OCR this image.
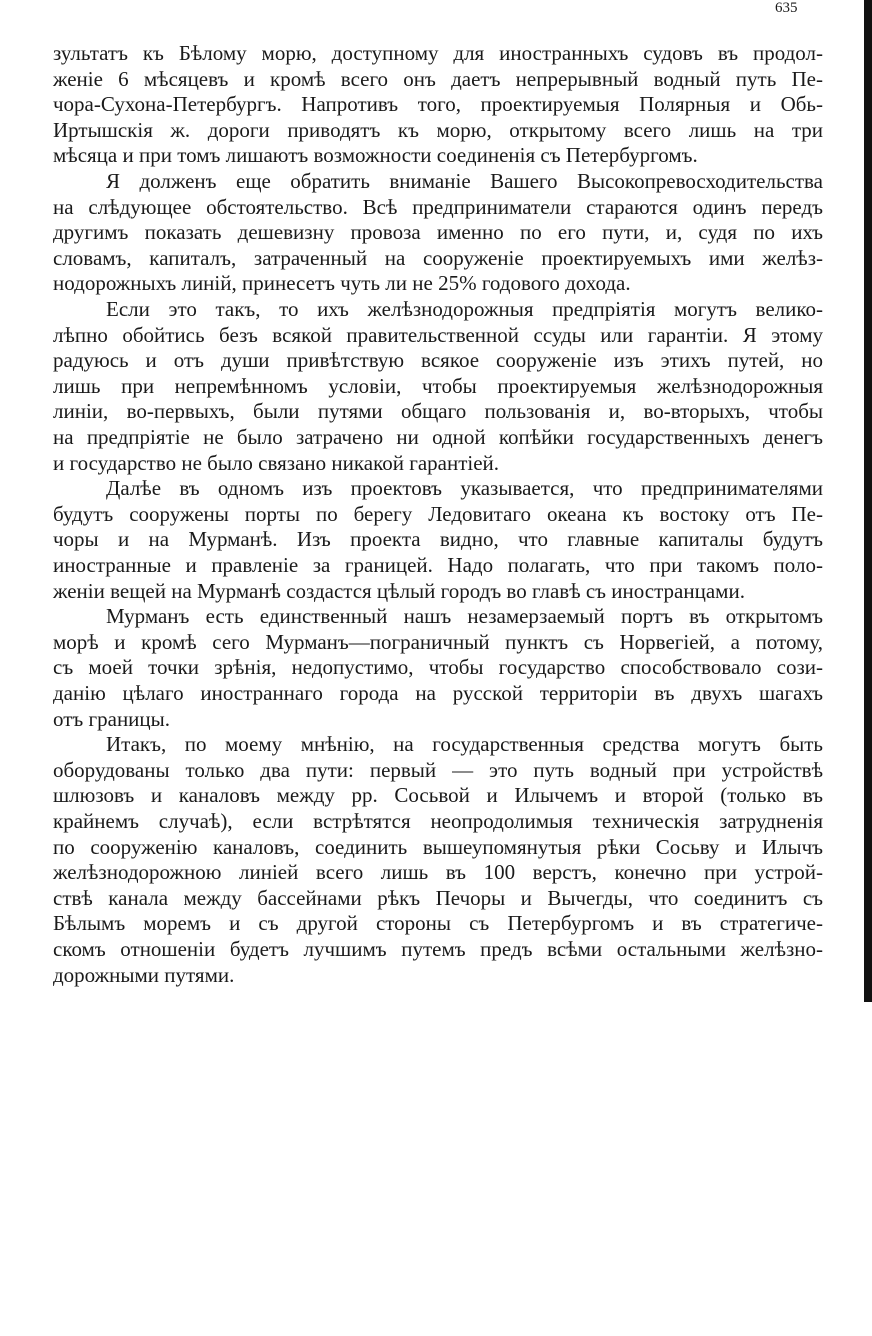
635
зультатъ къ Бѣлому морю, доступному для иностранныхъ судовъ въ продол-
женіе 6 мѣсяцевъ и кромѣ всего онъ даетъ непрерывный водный путь Пе-
чора-Сухона-Петербургъ. Напротивъ того, проектируемыя Полярныя и Обь-
Иртышскія ж. дороги приводятъ къ морю, открытому всего лишь на три
мѣсяца и при томъ лишаютъ возможности соединенія съ Петербургомъ.
Я долженъ еще обратить вниманіе Вашего Высокопревосходительства
на слѣдующее обстоятельство. Всѣ предприниматели стараются одинъ передъ
другимъ показать дешевизну провоза именно по его пути, и, судя по ихъ
словамъ, капиталъ, затраченный на сооруженіе проектируемыхъ ими желѣз-
нодорожныхъ линій, принесетъ чуть ли не 25% годового дохода.
Если это такъ, то ихъ желѣзнодорожныя предпріятія могутъ велико-
лѣпно обойтись безъ всякой правительственной ссуды или гарантіи. Я этому
радуюсь и отъ души привѣтствую всякое сооруженіе изъ этихъ путей, но
лишь при непремѣнномъ условіи, чтобы проектируемыя желѣзнодорожныя
линіи, во-первыхъ, были путями общаго пользованія и, во-вторыхъ, чтобы
на предпріятіе не было затрачено ни одной копѣйки государственныхъ денегъ
и государство не было связано никакой гарантіей.
Далѣе въ одномъ изъ проектовъ указывается, что предпринимателями
будутъ сооружены порты по берегу Ледовитаго океана къ востоку отъ Пе-
чоры и на Мурманѣ. Изъ проекта видно, что главные капиталы будутъ
иностранные и правленіе за границей. Надо полагать, что при такомъ поло-
женіи вещей на Мурманѣ создастся цѣлый городъ во главѣ съ иностранцами.
Мурманъ есть единственный нашъ незамерзаемый портъ въ открытомъ
морѣ и кромѣ сего Мурманъ—пограничный пунктъ съ Норвегіей, а потому,
съ моей точки зрѣнія, недопустимо, чтобы государство способствовало сози-
данію цѣлаго иностраннаго города на русской территоріи въ двухъ шагахъ
отъ границы.
Итакъ, по моему мнѣнію, на государственныя средства могутъ быть
оборудованы только два пути: первый — это путь водный при устройствѣ
шлюзовъ и каналовъ между рр. Сосьвой и Илычемъ и второй (только въ
крайнемъ случаѣ), если встрѣтятся неопродолимыя техническія затрудненія
по сооруженію каналовъ, соединить вышеупомянутыя рѣки Сосьву и Илычъ
желѣзнодорожною линіей всего лишь въ 100 верстъ, конечно при устрой-
ствѣ канала между бассейнами рѣкъ Печоры и Вычегды, что соединитъ съ
Бѣлымъ моремъ и съ другой стороны съ Петербургомъ и въ стратегиче-
скомъ отношеніи будетъ лучшимъ путемъ предъ всѣми остальными желѣзно-
дорожными путями.
